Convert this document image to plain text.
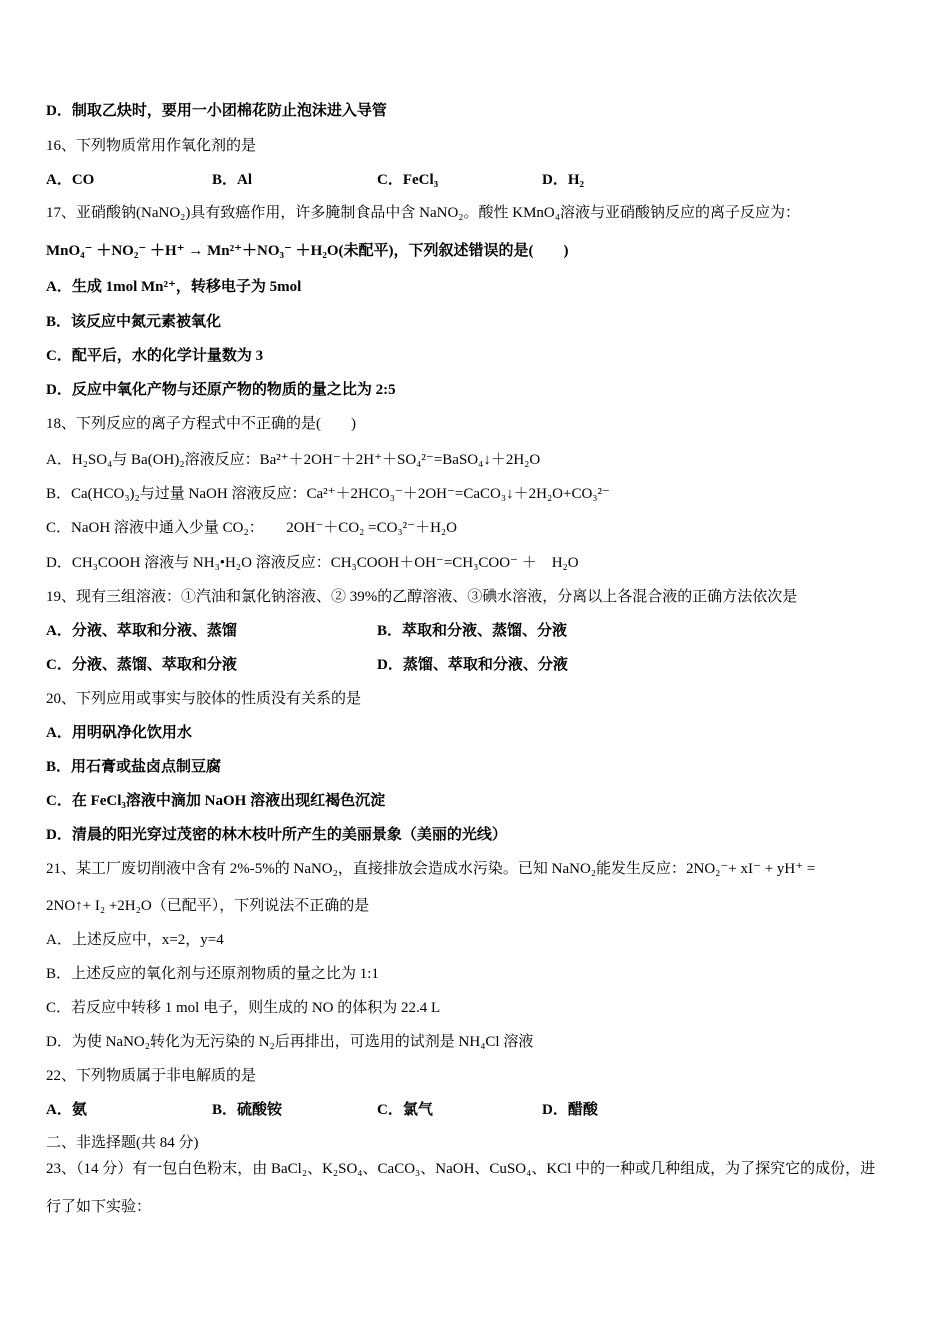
D．制取乙炔时，要用一小团棉花防止泡沫进入导管
16、下列物质常用作氧化剂的是
A．CO	B．Al	C．FeCl₃	D．H₂
17、亚硝酸钠(NaNO₂)具有致癌作用，许多腌制食品中含 NaNO₂。酸性 KMnO₄溶液与亚硝酸钠反应的离子反应为：
MnO₄⁻ ＋NO₂⁻ ＋H⁺ → Mn²⁺＋NO₃⁻ ＋H₂O(未配平)，下列叙述错误的是(　　)
A．生成 1mol Mn²⁺，转移电子为 5mol
B．该反应中氮元素被氧化
C．配平后，水的化学计量数为 3
D．反应中氧化产物与还原产物的物质的量之比为 2:5
18、下列反应的离子方程式中不正确的是(　　)
A．H₂SO₄与 Ba(OH)₂溶液反应：Ba²⁺＋2OH⁻＋2H⁺＋SO₄²⁻=BaSO₄↓＋2H₂O
B．Ca(HCO₃)₂与过量 NaOH 溶液反应：Ca²⁺＋2HCO₃⁻＋2OH⁻=CaCO₃↓＋2H₂O+CO₃²⁻
C．NaOH 溶液中通入少量 CO₂：　　2OH⁻＋CO₂ =CO₃²⁻＋H₂O
D．CH₃COOH 溶液与 NH₃•H₂O 溶液反应：CH₃COOH＋OH⁻=CH₃COO⁻ ＋　H₂O
19、现有三组溶液：①汽油和氯化钠溶液、② 39%的乙醇溶液、③碘水溶液，分离以上各混合液的正确方法依次是
A．分液、萃取和分液、蒸馏	B．萃取和分液、蒸馏、分液
C．分液、蒸馏、萃取和分液	D．蒸馏、萃取和分液、分液
20、下列应用或事实与胶体的性质没有关系的是
A．用明矾净化饮用水
B．用石膏或盐卤点制豆腐
C．在 FeCl₃溶液中滴加 NaOH 溶液出现红褐色沉淀
D．清晨的阳光穿过茂密的林木枝叶所产生的美丽景象（美丽的光线）
21、某工厂废切削液中含有 2%-5%的 NaNO₂，直接排放会造成水污染。已知 NaNO₂能发生反应：2NO₂⁻+ xI⁻ + yH⁺ =
2NO↑+ I₂ +2H₂O（已配平），下列说法不正确的是
A．上述反应中，x=2，y=4
B．上述反应的氧化剂与还原剂物质的量之比为 1:1
C．若反应中转移 1 mol 电子，则生成的 NO 的体积为 22.4 L
D．为使 NaNO₂转化为无污染的 N₂后再排出，可选用的试剂是 NH₄Cl 溶液
22、下列物质属于非电解质的是
A．氨	B．硫酸铵	C．氯气	D．醋酸
二、非选择题(共 84 分)
23、（14 分）有一包白色粉末，由 BaCl₂、K₂SO₄、CaCO₃、NaOH、CuSO₄、KCl 中的一种或几种组成，为了探究它的成份，进
行了如下实验：
